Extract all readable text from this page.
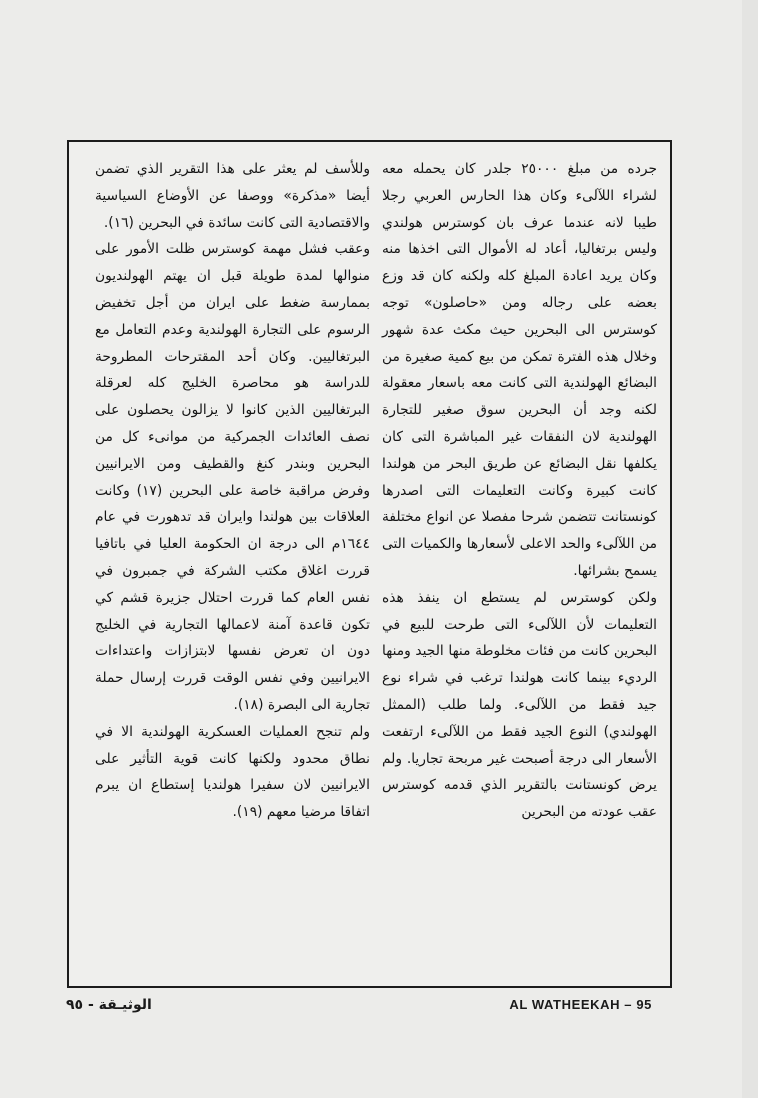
جرده من مبلغ ٢٥٠٠٠ جلدر كان يحمله معه لشراء اللآلىء وكان هذا الحارس العربي رجلا طيبا لانه عندما عرف بان كوسترس هولندي وليس برتغاليا، أعاد له الأموال التى اخذها منه وكان يريد اعادة المبلغ كله ولكنه كان قد وزع بعضه على رجاله ومن «حاصلون» توجه كوسترس الى البحرين حيث مكث عدة شهور وخلال هذه الفترة تمكن من بيع كمية صغيرة من البضائع الهولندية التى كانت معه باسعار معقولة لكنه وجد أن البحرين سوق صغير للتجارة الهولندية لان النفقات غير المباشرة التى كان يكلفها نقل البضائع عن طريق البحر من هولندا كانت كبيرة وكانت التعليمات التى اصدرها كونستانت تتضمن شرحا مفصلا عن انواع مختلفة من اللآلىء والحد الاعلى لأسعارها والكميات التى يسمح بشرائها.

ولكن كوسترس لم يستطع ان ينفذ هذه التعليمات لأن اللآلىء التى طرحت للبيع في البحرين كانت من فئات مخلوطة منها الجيد ومنها الرديء بينما كانت هولندا ترغب في شراء نوع جيد فقط من اللآلىء. ولما طلب (الممثل الهولندي) النوع الجيد فقط من اللآلىء ارتفعت الأسعار الى درجة أصبحت غير مربحة تجاريا. ولم يرض كونستانت بالتقرير الذي قدمه كوسترس عقب عودته من البحرين

وللأسف لم يعثر على هذا التقرير الذي تضمن أيضا «مذكرة» ووصفا عن الأوضاع السياسية والاقتصادية التى كانت سائدة في البحرين (١٦).

وعقب فشل مهمة كوسترس ظلت الأمور على منوالها لمدة طويلة قبل ان يهتم الهولنديون بممارسة ضغط على ايران من أجل تخفيض الرسوم على التجارة الهولندية وعدم التعامل مع البرتغاليين. وكان أحد المقترحات المطروحة للدراسة هو محاصرة الخليج كله لعرقلة البرتغاليين الذين كانوا لا يزالون يحصلون على نصف العائدات الجمركية من موانىء كل من البحرين وبندر كنغ والقطيف ومن الايرانيين وفرض مراقبة خاصة على البحرين (١٧) وكانت العلاقات بين هولندا وايران قد تدهورت في عام ١٦٤٤م الى درجة ان الحكومة العليا في باتافيا قررت اغلاق مكتب الشركة في جمبرون في نفس العام كما قررت احتلال جزيرة قشم كي تكون قاعدة آمنة لاعمالها التجارية في الخليج دون ان تعرض نفسها لابتزازات واعتداءات الايرانيين وفي نفس الوقت قررت إرسال حملة تجارية الى البصرة (١٨).

ولم تنجح العمليات العسكرية الهولندية الا في نطاق محدود ولكنها كانت قوية التأثير على الايرانيين لان سفيرا هولنديا إستطاع ان يبرم اتفاقا مرضيا معهم (١٩).

الوثيـقة - ٩٥	AL WATHEEKAH – 95
